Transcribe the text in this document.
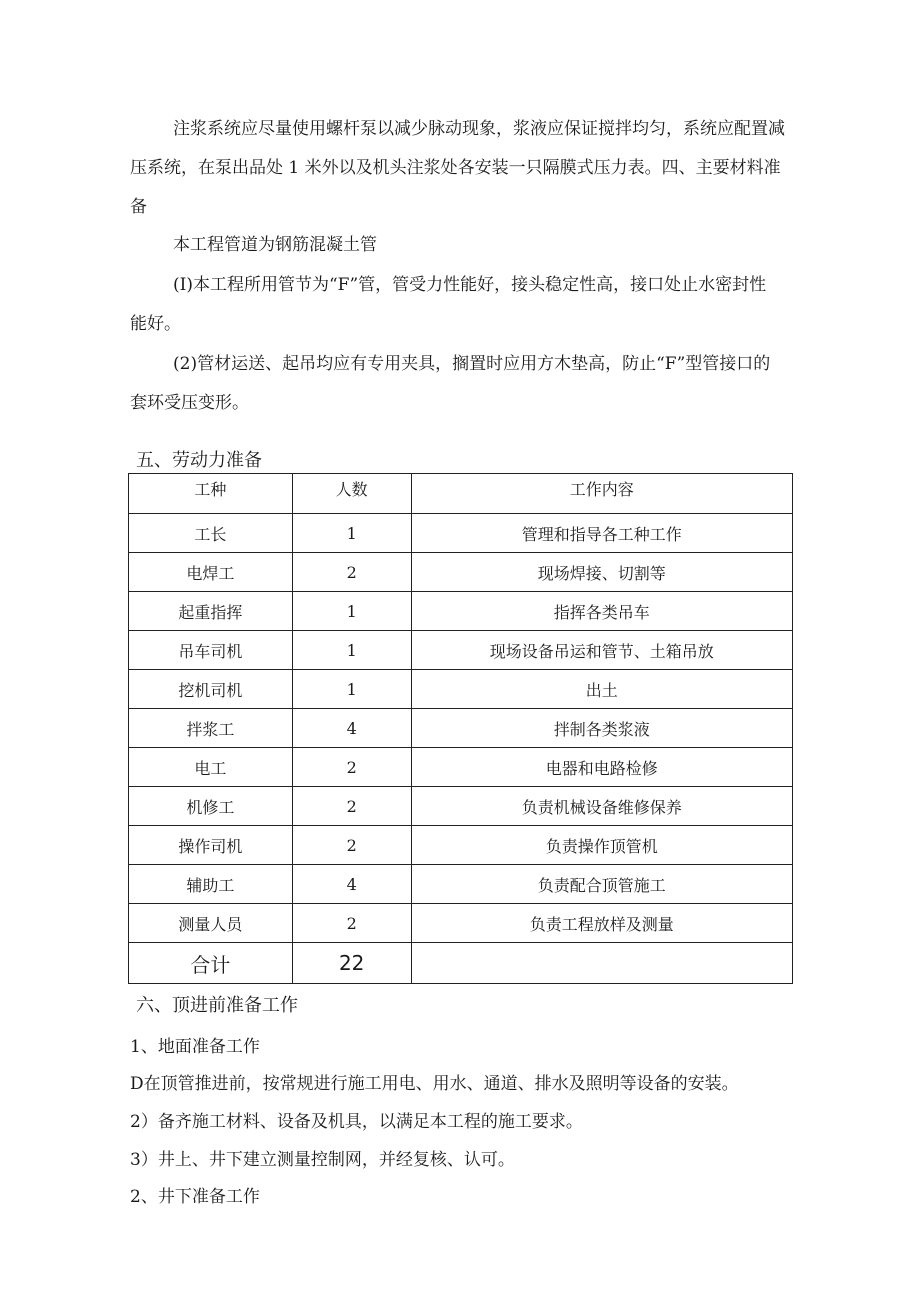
注浆系统应尽量使用螺杆泵以减少脉动现象，浆液应保证搅拌均匀，系统应配置减
压系统，在泵出品处 1 米外以及机头注浆处各安装一只隔膜式压力表。四、主要材料准
备
本工程管道为钢筋混凝土管
(I)本工程所用管节为“F”管，管受力性能好，接头稳定性高，接口处止水密封性
能好。
(2)管材运送、起吊均应有专用夹具，搁置时应用方木垫高，防止“F”型管接口的
套环受压变形。
五、劳动力准备
工种	人数	工作内容
工长	1	管理和指导各工种工作
电焊工	2	现场焊接、切割等
起重指挥	1	指挥各类吊车
吊车司机	1	现场设备吊运和管节、土箱吊放
挖机司机	1	出土
拌浆工	4	拌制各类浆液
电工	2	电器和电路检修
机修工	2	负责机械设备维修保养
操作司机	2	负责操作顶管机
辅助工	4	负责配合顶管施工
测量人员	2	负责工程放样及测量
合计	22	
六、顶进前准备工作
1、地面准备工作
D在顶管推进前，按常规进行施工用电、用水、通道、排水及照明等设备的安装。
2）备齐施工材料、设备及机具，以满足本工程的施工要求。
3）井上、井下建立测量控制网，并经复核、认可。
2、井下准备工作
